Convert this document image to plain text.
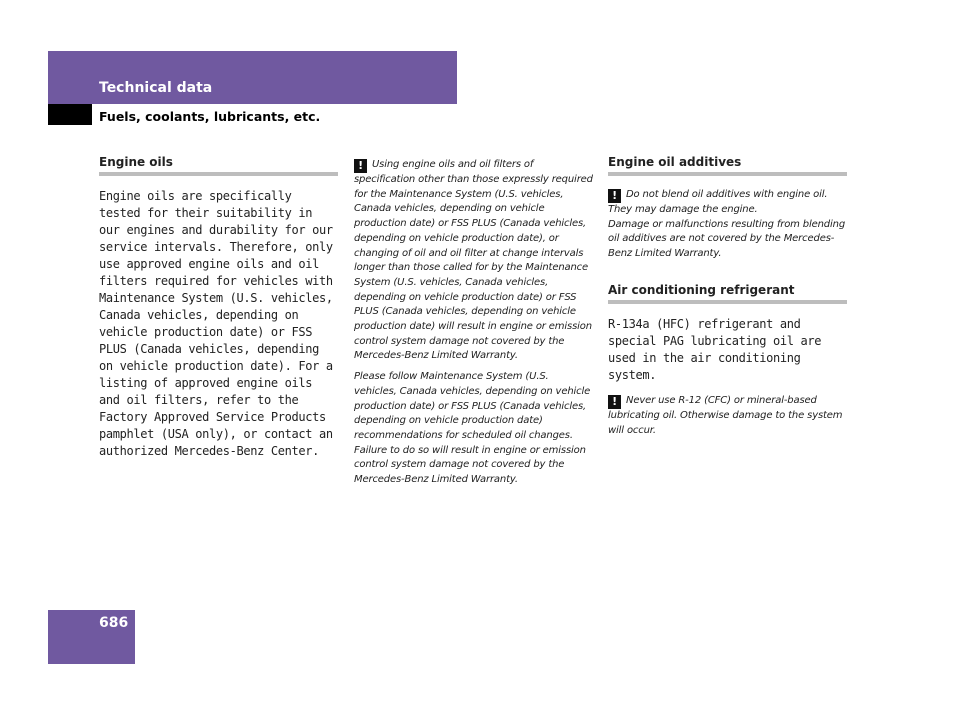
Technical data
Fuels, coolants, lubricants, etc.
Engine oils

Engine oils are specifically tested for their suitability in our engines and durability for our service intervals. Therefore, only use approved engine oils and oil filters required for vehicles with Maintenance System (U.S. vehicles, Canada vehicles, depending on vehicle production date) or FSS PLUS (Canada vehicles, depending on vehicle production date). For a listing of approved engine oils and oil filters, refer to the Factory Approved Service Products pamphlet (USA only), or contact an authorized Mercedes-Benz Center.

! Using engine oils and oil filters of specification other than those expressly required for the Maintenance System (U.S. vehicles, Canada vehicles, depending on vehicle production date) or FSS PLUS (Canada vehicles, depending on vehicle production date), or changing of oil and oil filter at change intervals longer than those called for by the Maintenance System (U.S. vehicles, Canada vehicles, depending on vehicle production date) or FSS PLUS (Canada vehicles, depending on vehicle production date) will result in engine or emission control system damage not covered by the Mercedes-Benz Limited Warranty.

Please follow Maintenance System (U.S. vehicles, Canada vehicles, depending on vehicle production date) or FSS PLUS (Canada vehicles, depending on vehicle production date) recommendations for scheduled oil changes. Failure to do so will result in engine or emission control system damage not covered by the Mercedes-Benz Limited Warranty.

Engine oil additives

! Do not blend oil additives with engine oil. They may damage the engine.

Damage or malfunctions resulting from blending oil additives are not covered by the Mercedes-Benz Limited Warranty.

Air conditioning refrigerant

R-134a (HFC) refrigerant and special PAG lubricating oil are used in the air conditioning system.

! Never use R-12 (CFC) or mineral-based lubricating oil. Otherwise damage to the system will occur.

686
